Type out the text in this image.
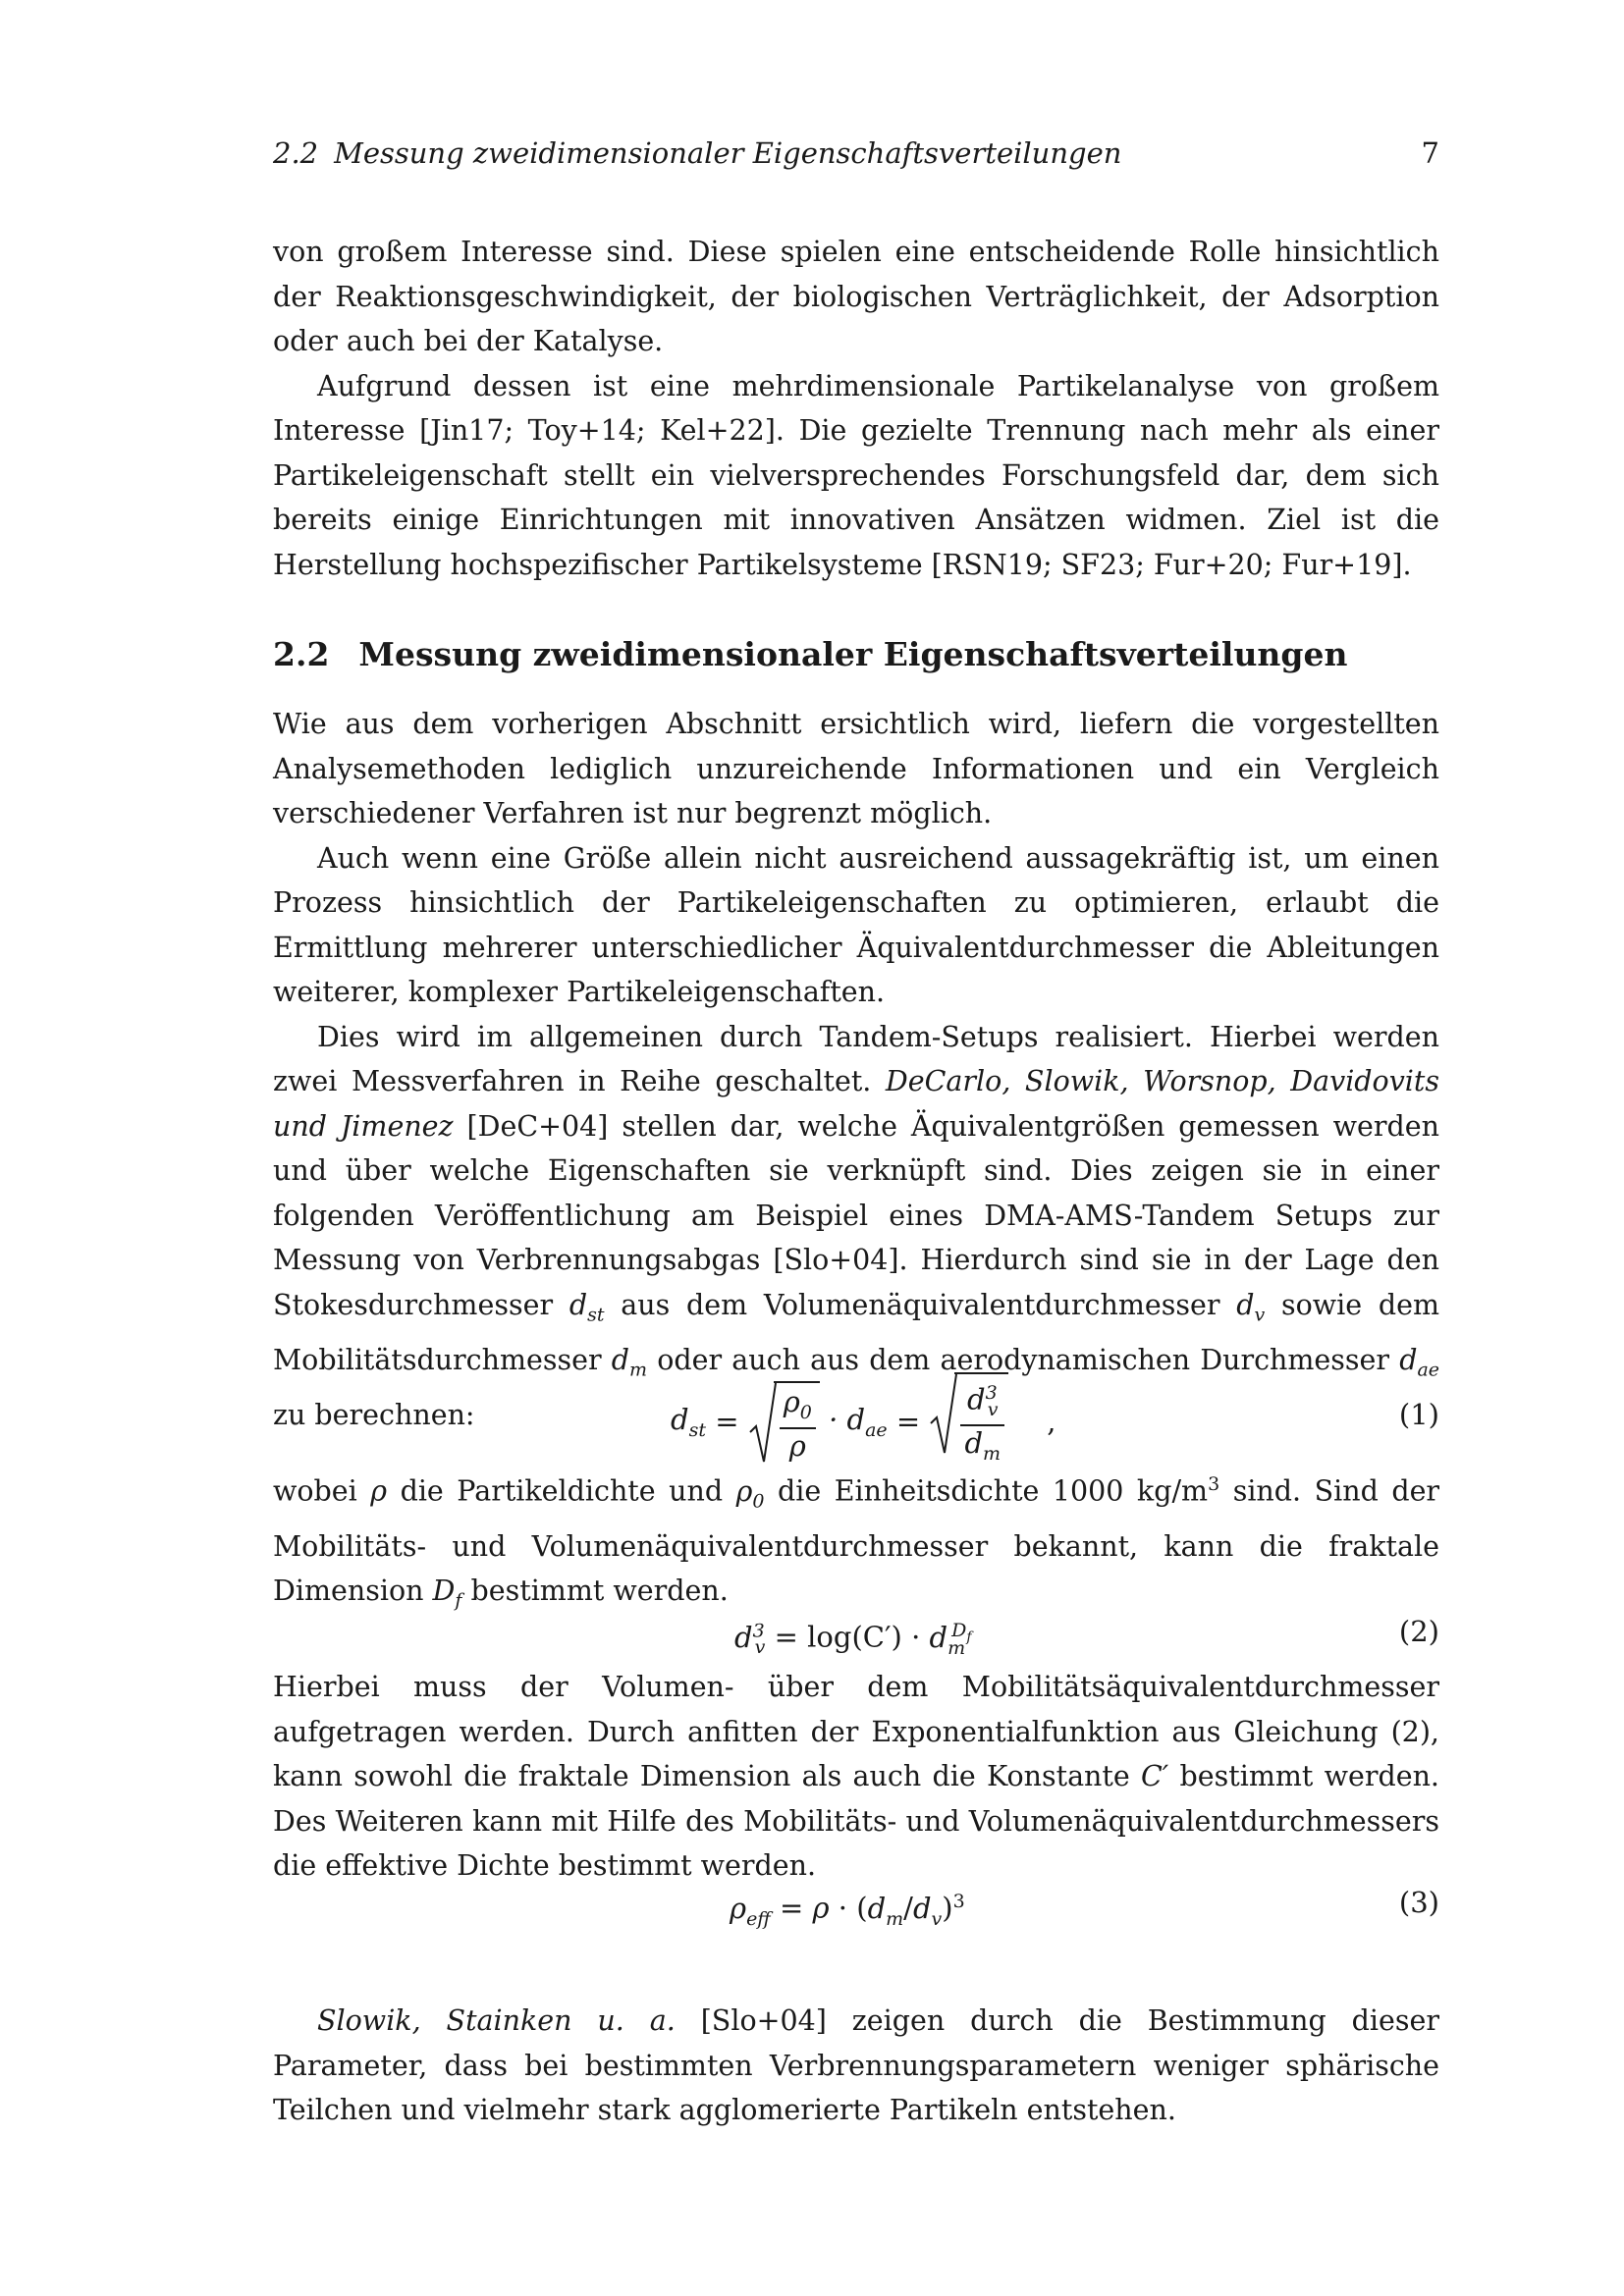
2.2 Messung zweidimensionaler Eigenschaftsverteilungen	7

von großem Interesse sind. Diese spielen eine entscheidende Rolle hinsichtlich der Reaktionsgeschwindigkeit, der biologischen Verträglichkeit, der Adsorption oder auch bei der Katalyse.

Aufgrund dessen ist eine mehrdimensionale Partikelanalyse von großem Interesse [Jin17; Toy+14; Kel+22]. Die gezielte Trennung nach mehr als einer Partikeleigenschaft stellt ein vielversprechendes Forschungsfeld dar, dem sich bereits einige Einrichtungen mit innovativen Ansätzen widmen. Ziel ist die Herstellung hochspezifischer Partikelsysteme [RSN19; SF23; Fur+20; Fur+19].

2.2 Messung zweidimensionaler Eigenschaftsverteilungen

Wie aus dem vorherigen Abschnitt ersichtlich wird, liefern die vorgestellten Analysemethoden lediglich unzureichende Informationen und ein Vergleich verschiedener Verfahren ist nur begrenzt möglich.

Auch wenn eine Größe allein nicht ausreichend aussagekräftig ist, um einen Prozess hinsichtlich der Partikeleigenschaften zu optimieren, erlaubt die Ermittlung mehrerer unterschiedlicher Äquivalentdurchmesser die Ableitungen weiterer, komplexer Partikeleigenschaften.

Dies wird im allgemeinen durch Tandem-Setups realisiert. Hierbei werden zwei Messverfahren in Reihe geschaltet. DeCarlo, Slowik, Worsnop, Davidovits und Jimenez [DeC+04] stellen dar, welche Äquivalentgrößen gemessen werden und über welche Eigenschaften sie verknüpft sind. Dies zeigen sie in einer folgenden Veröffentlichung am Beispiel eines DMA-AMS-Tandem Setups zur Messung von Verbrennungsabgas [Slo+04]. Hierdurch sind sie in der Lage den Stokesdurchmesser $d_{st}$ aus dem Volumenäquivalentdurchmesser $d_v$ sowie dem Mobilitätsdurchmesser $d_m$ oder auch aus dem aerodynamischen Durchmesser $d_{ae}$ zu berechnen:	$d_{st} = \frac{\rho_0}{\rho} \cdot d_{ae} = \frac{d^3_v}{d_m}$ ,	(1)

wobei ρ die Partikeldichte und $\rho_0$ die Einheitsdichte 1000 $kg/m^3$ sind. Sind der Mobilitäts- und Volumenäquivalentdurchmesser bekannt, kann die fraktale Dimension $D_f$ bestimmt werden.

$d^3_v = \log(C') \cdot d_m^{D_f}$	(2)

Hierbei muss der Volumen- über dem Mobilitätsäquivalentdurchmesser aufgetragen werden. Durch anfitten der Exponentialfunktion aus Gleichung (2), kann sowohl die fraktale Dimension als auch die Konstante C′ bestimmt werden. Des Weiteren kann mit Hilfe des Mobilitäts- und Volumenäquivalentdurchmessers die effektive Dichte bestimmt werden.

$\rho_{eff} = \rho \cdot (d_m/d_v)^3$	(3)

Slowik, Stainken u. a. [Slo+04] zeigen durch die Bestimmung dieser Parameter, dass bei bestimmten Verbrennungsparametern weniger sphärische Teilchen und vielmehr stark agglomerierte Partikeln entstehen.
